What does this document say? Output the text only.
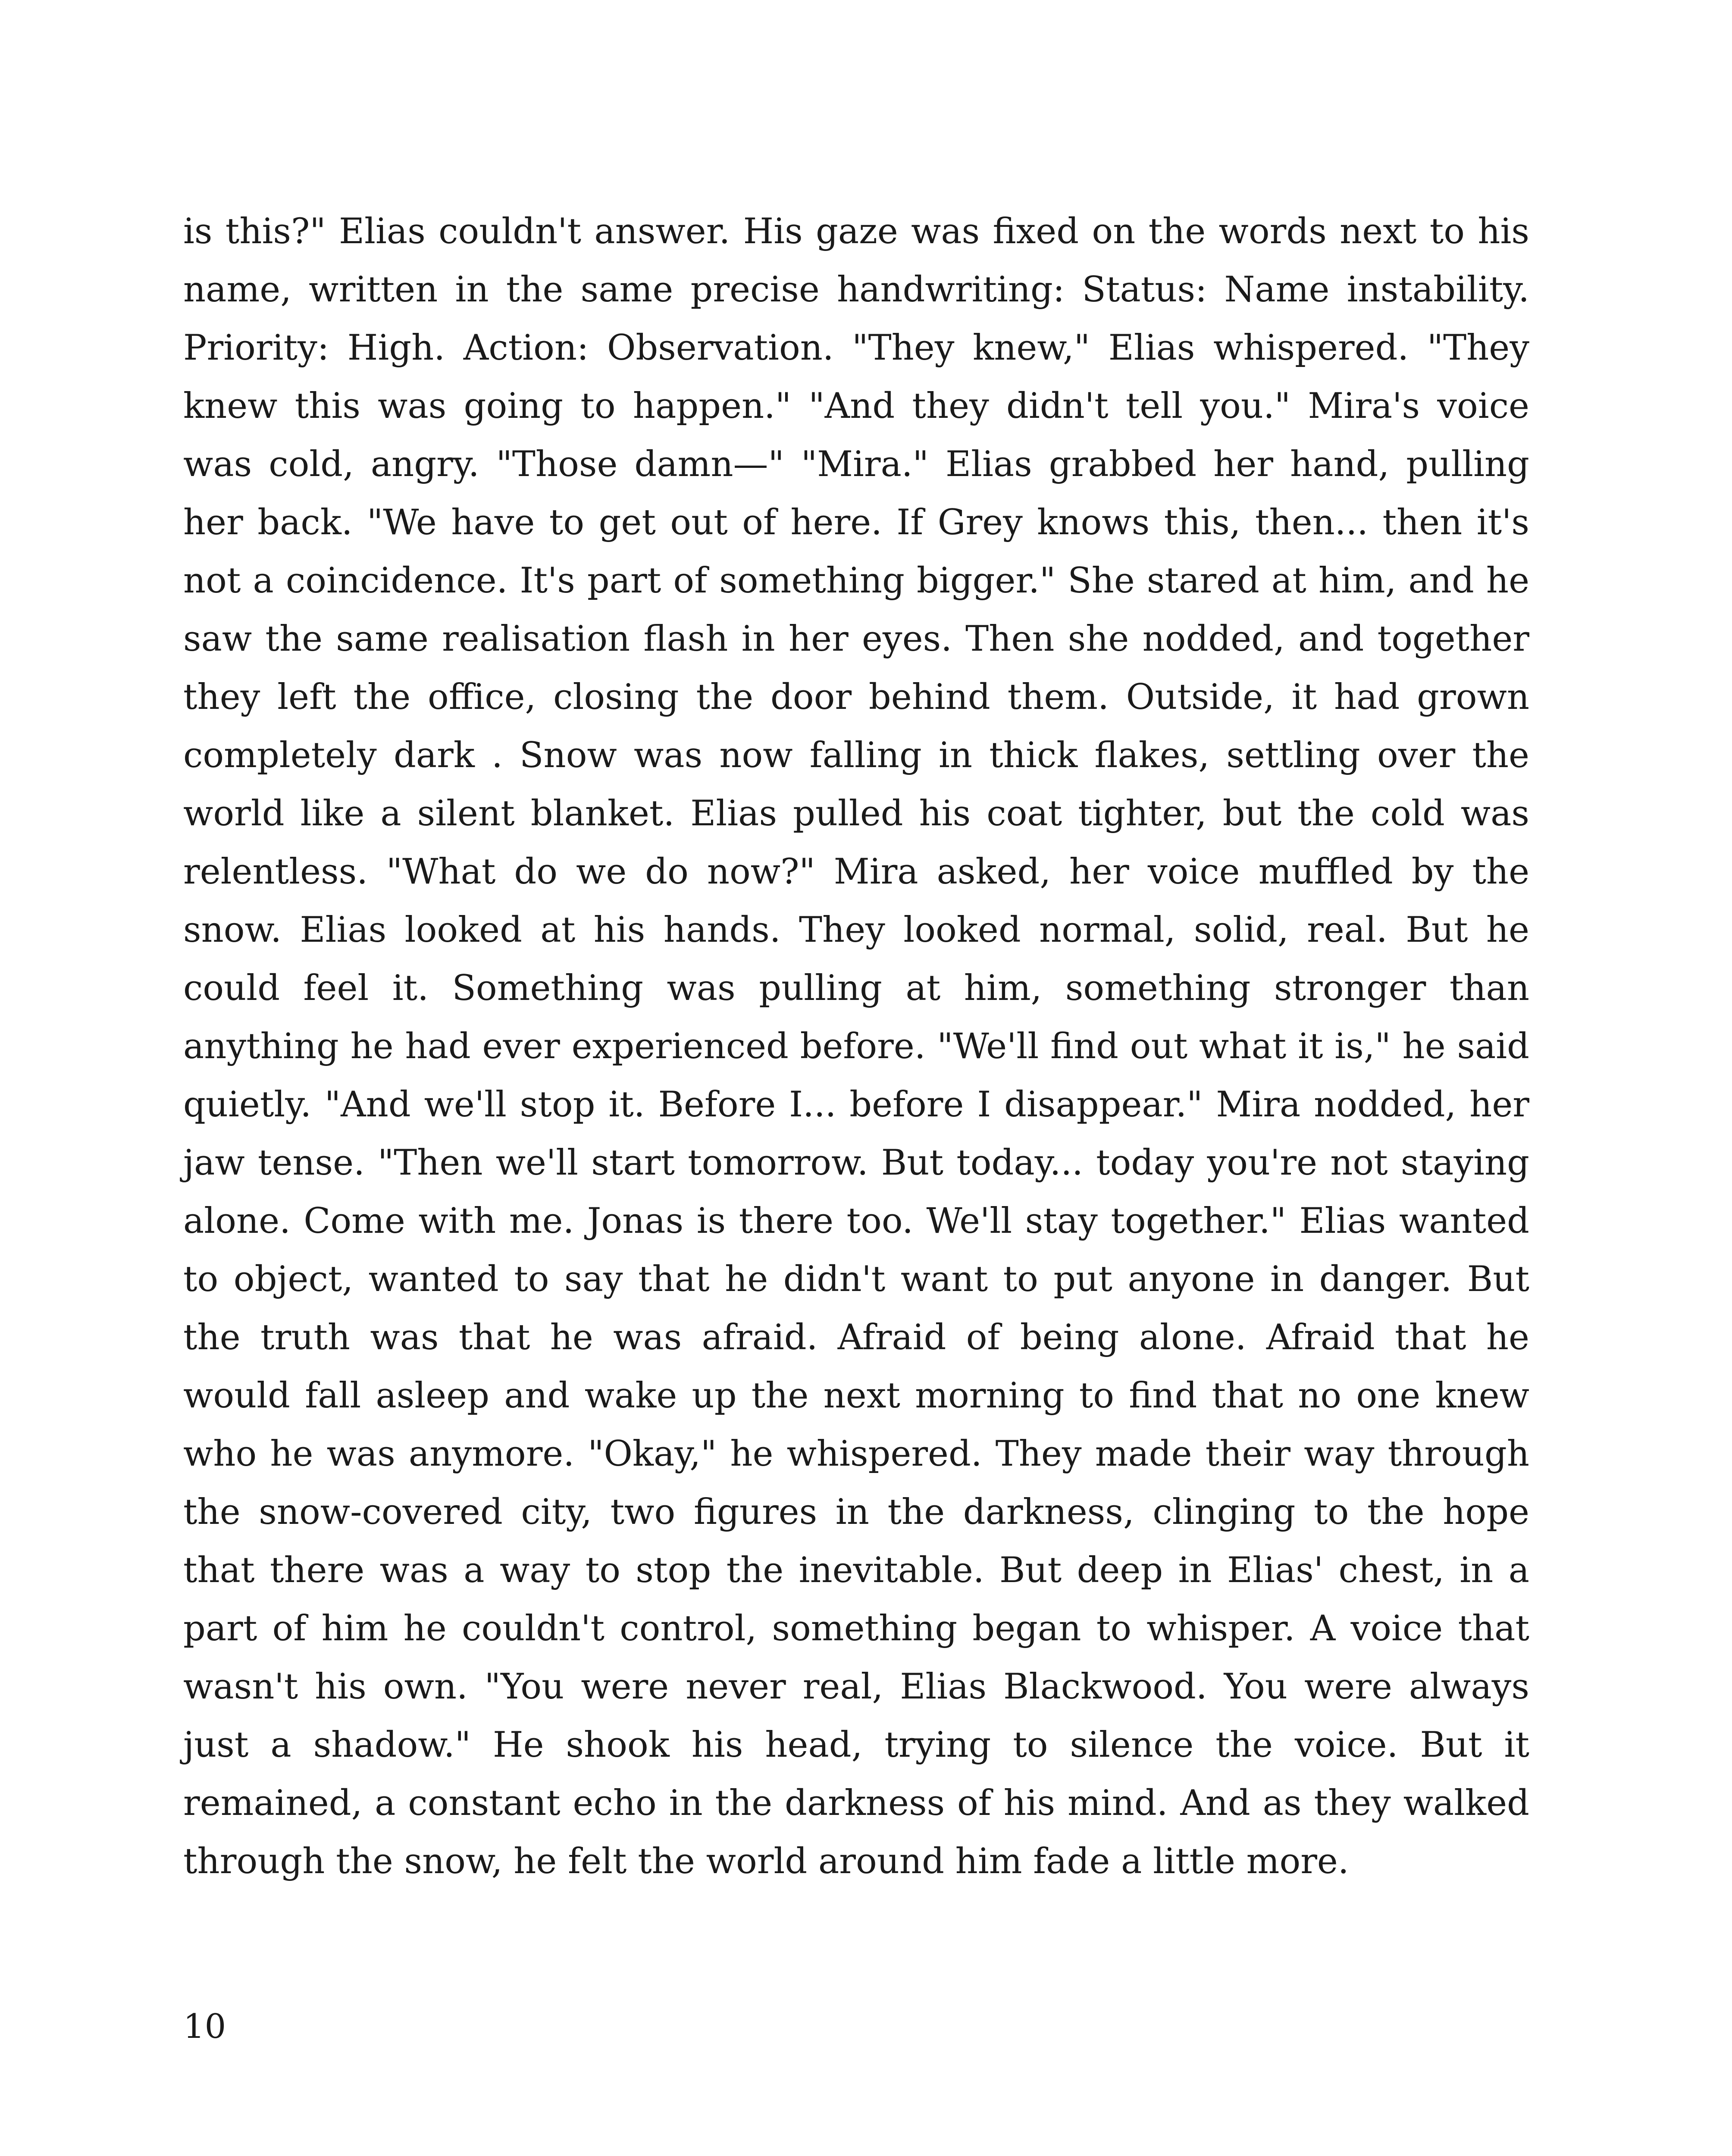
is this?" Elias couldn't answer. His gaze was fixed on the words next to his name, written in the same precise handwriting: Status: Name instability. Priority: High. Action: Observation. "They knew," Elias whispered. "They knew this was going to happen." "And they didn't tell you." Mira's voice was cold, angry. "Those damn—" "Mira." Elias grabbed her hand, pulling her back. "We have to get out of here. If Grey knows this, then... then it's not a coincidence. It's part of something bigger." She stared at him, and he saw the same realisation flash in her eyes. Then she nodded, and together they left the office, closing the door behind them. Outside, it had grown completely dark . Snow was now falling in thick flakes, settling over the world like a silent blanket. Elias pulled his coat tighter, but the cold was relentless. "What do we do now?" Mira asked, her voice muffled by the snow. Elias looked at his hands. They looked normal, solid, real. But he could feel it. Something was pulling at him, something stronger than anything he had ever experienced before. "We'll find out what it is," he said quietly. "And we'll stop it. Before I... before I disappear." Mira nodded, her jaw tense. "Then we'll start tomorrow. But today... today you're not staying alone. Come with me. Jonas is there too. We'll stay together." Elias wanted to object, wanted to say that he didn't want to put anyone in danger. But the truth was that he was afraid. Afraid of being alone. Afraid that he would fall asleep and wake up the next morning to find that no one knew who he was anymore. "Okay," he whispered. They made their way through the snow-covered city, two figures in the darkness, clinging to the hope that there was a way to stop the inevitable. But deep in Elias' chest, in a part of him he couldn't control, something began to whisper. A voice that wasn't his own. "You were never real, Elias Blackwood. You were always just a shadow." He shook his head, trying to silence the voice. But it remained, a constant echo in the darkness of his mind. And as they walked through the snow, he felt the world around him fade a little more.

10
